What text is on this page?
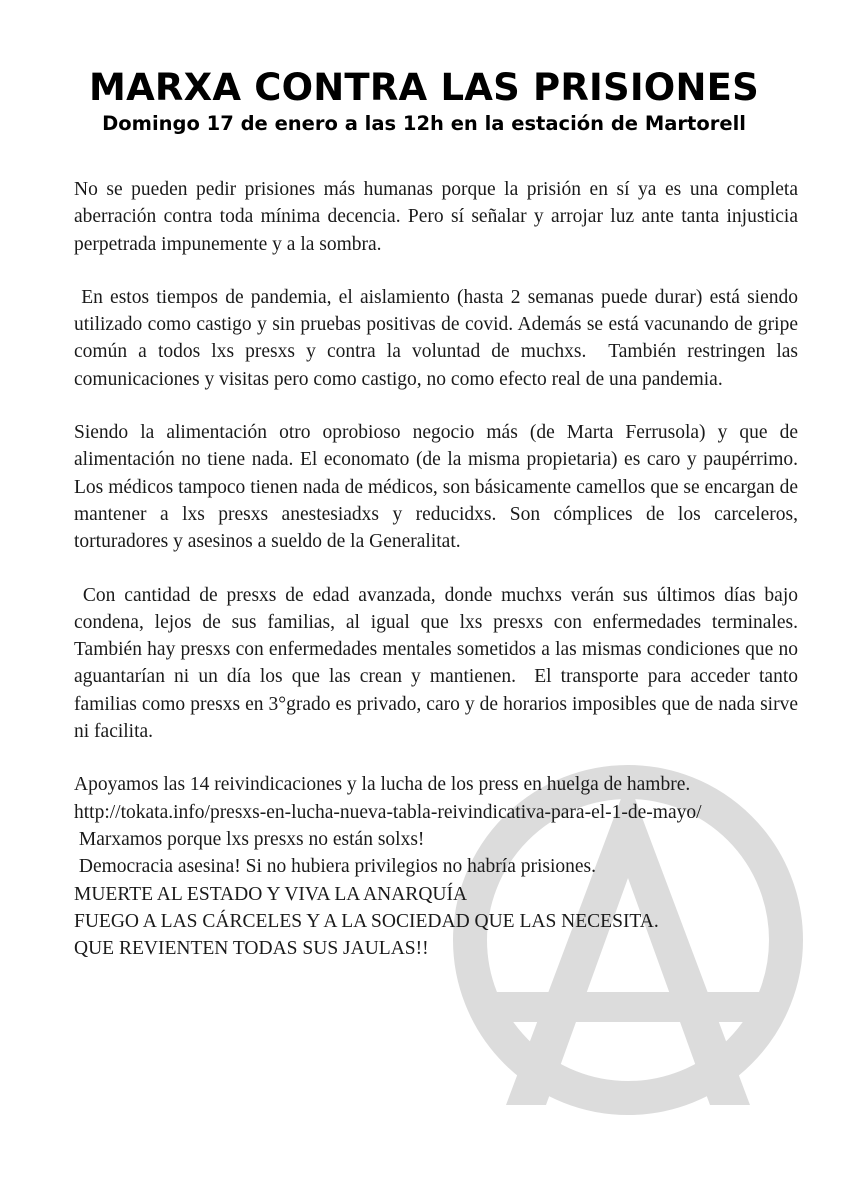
MARXA CONTRA LAS PRISIONES
Domingo 17 de enero a las 12h en la estación de Martorell

No se pueden pedir prisiones más humanas porque la prisión en sí ya es una completa aberración contra toda mínima decencia. Pero sí señalar y arrojar luz ante tanta injusticia perpetrada impunemente y a la sombra.

En estos tiempos de pandemia, el aislamiento (hasta 2 semanas puede durar) está siendo utilizado como castigo y sin pruebas positivas de covid. Además se está vacunando de gripe común a todos lxs presxs y contra la voluntad de muchxs.  También restringen las comunicaciones y visitas pero como castigo, no como efecto real de una pandemia.

Siendo la alimentación otro oprobioso negocio más (de Marta Ferrusola) y que de alimentación no tiene nada. El economato (de la misma propietaria) es caro y paupérrimo. Los médicos tampoco tienen nada de médicos, son básicamente camellos que se encargan de mantener a lxs presxs anestesiadxs y reducidxs. Son cómplices de los carceleros, torturadores y asesinos a sueldo de la Generalitat.

Con cantidad de presxs de edad avanzada, donde muchxs verán sus últimos días bajo condena, lejos de sus familias, al igual que lxs presxs con enfermedades terminales. También hay presxs con enfermedades mentales sometidos a las mismas condiciones que no aguantarían ni un día los que las crean y mantienen.  El transporte para acceder tanto familias como presxs en 3°grado es privado, caro y de horarios imposibles que de nada sirve ni facilita.

Apoyamos las 14 reivindicaciones y la lucha de los press en huelga de hambre.
http://tokata.info/presxs-en-lucha-nueva-tabla-reivindicativa-para-el-1-de-mayo/
Marxamos porque lxs presxs no están solxs!
Democracia asesina! Si no hubiera privilegios no habría prisiones.
MUERTE AL ESTADO Y VIVA LA ANARQUÍA
FUEGO A LAS CÁRCELES Y A LA SOCIEDAD QUE LAS NECESITA.
QUE REVIENTEN TODAS SUS JAULAS!!
